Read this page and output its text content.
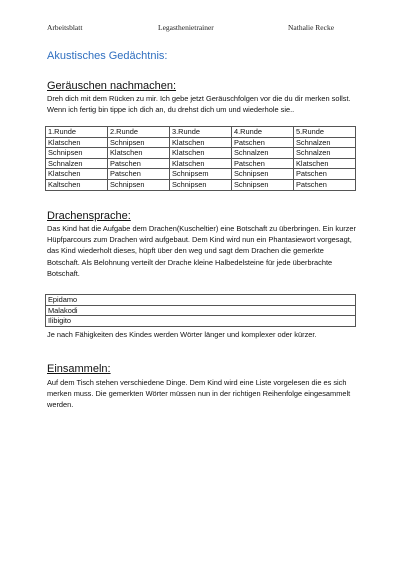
Arbeitsblatt	Legasthenietrainer	Nathalie Recke
Akustisches Gedächtnis:
Geräuschen nachmachen:
Dreh dich mit dem Rücken zu mir. Ich gebe jetzt Geräuschfolgen vor die du dir merken sollst. Wenn ich fertig bin tippe ich dich an, du drehst dich um und wiederhole sie..
1.Runde	2.Runde	3.Runde	4.Runde	5.Runde
Klatschen	Schnipsen	Klatschen	Patschen	Schnalzen
Schnipsen	Klatschen	Klatschen	Schnalzen	Schnalzen
Schnalzen	Patschen	Klatschen	Patschen	Klatschen
Klatschen	Patschen	Schnipsem	Schnipsen	Patschen
Kaltschen	Schnipsen	Schnipsen	Schnipsen	Patschen
Drachensprache:
Das Kind hat die Aufgabe dem Drachen(Kuscheltier) eine Botschaft zu überbringen. Ein kurzer Hüpfparcours zum Drachen wird aufgebaut. Dem Kind wird nun ein Phantasiewort vorgesagt, das Kind wiederholt dieses, hüpft über den weg und sagt dem Drachen die gemerkte Botschaft. Als Belohnung verteilt der Drache kleine Halbedelsteine für jede überbrachte Botschaft.
Epidamo
Malakodi
Ilibigito
Je nach Fähigkeiten des Kindes werden Wörter länger und komplexer oder kürzer.
Einsammeln:
Auf dem Tisch stehen verschiedene Dinge. Dem Kind wird eine Liste vorgelesen die es sich merken muss. Die gemerkten Wörter müssen nun in der richtigen Reihenfolge eingesammelt werden.
